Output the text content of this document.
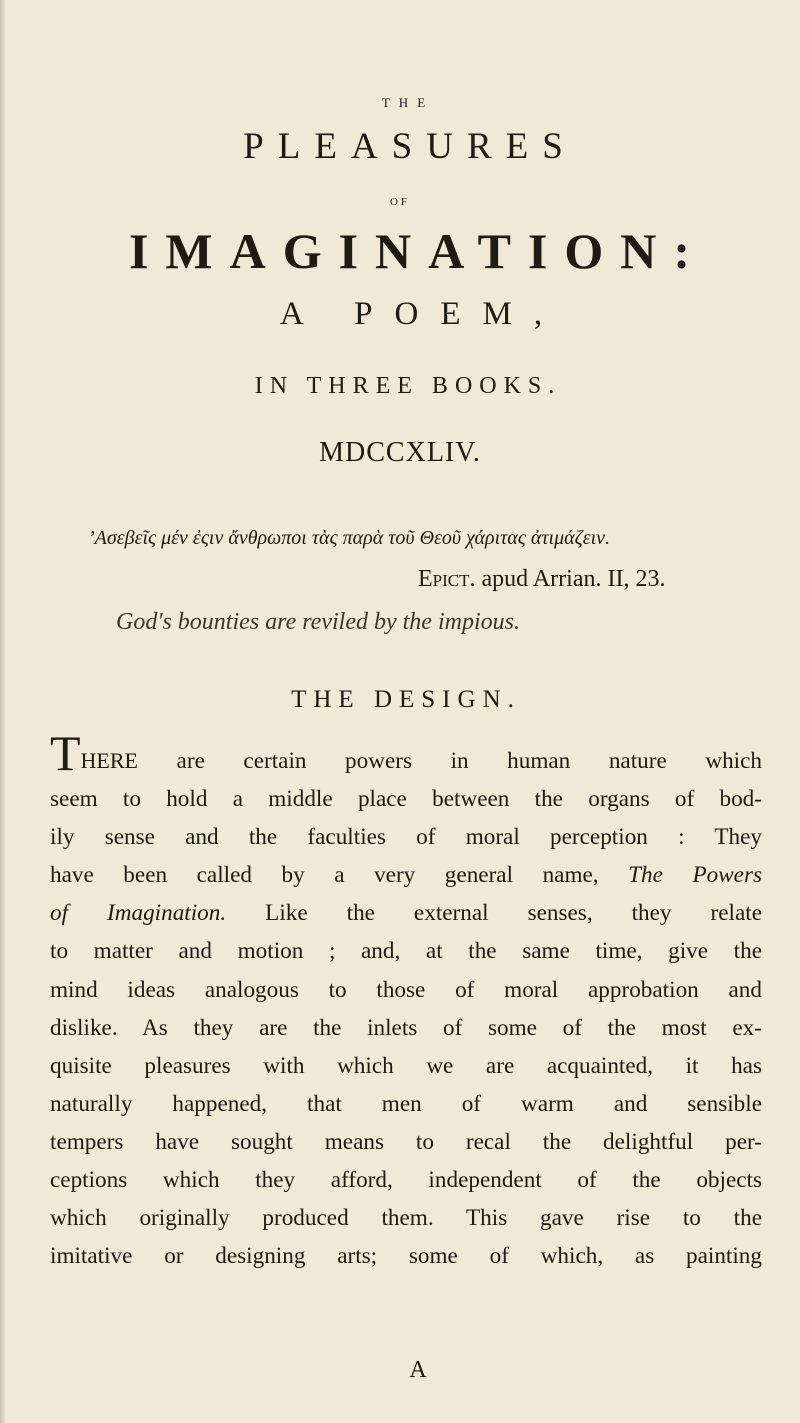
THE
PLEASURES
OF
IMAGINATION:
A POEM,
IN THREE BOOKS.
MDCCXLIV.
’Ασεβεῖς μέν ἐςιν ἄνθρωποι τὰς παρὰ τοῦ Θεοῦ χάριτας ἀτιμάζειν.
Epict. apud Arrian. II, 23.
God's bounties are reviled by the impious.
THE DESIGN.
THERE are certain powers in human nature which
seem to hold a middle place between the organs of bod-
ily sense and the faculties of moral perception : They
have been called by a very general name, The Powers
of Imagination. Like the external senses, they relate
to matter and motion ; and, at the same time, give the
mind ideas analogous to those of moral approbation and
dislike. As they are the inlets of some of the most ex-
quisite pleasures with which we are acquainted, it has
naturally happened, that men of warm and sensible
tempers have sought means to recal the delightful per-
ceptions which they afford, independent of the objects
which originally produced them. This gave rise to the
imitative or designing arts; some of which, as painting
A
